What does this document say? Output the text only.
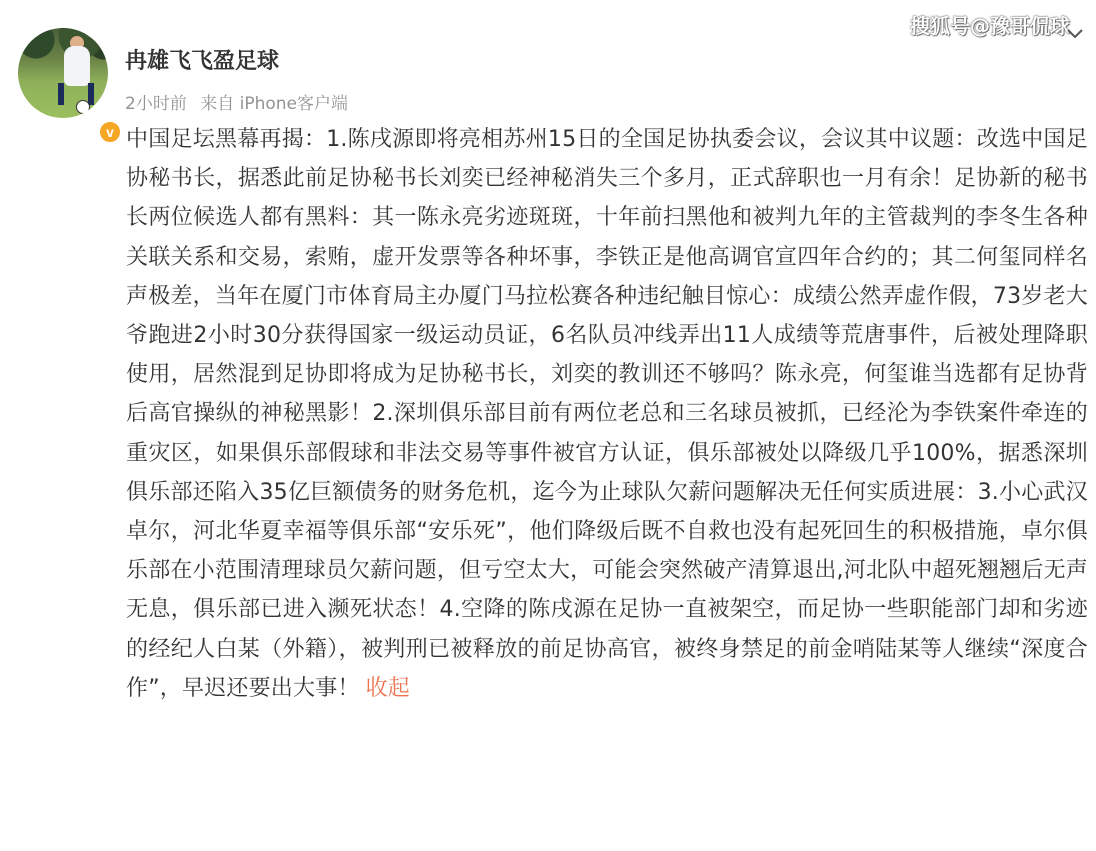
v
冉雄飞飞盈足球
2小时前 来自 iPhone客户端
搜狐号@豫哥侃球
中国足坛黑幕再揭：1.陈戌源即将亮相苏州15日的全国足协执委会议，会议其中议题：改选中国足协秘书长，据悉此前足协秘书长刘奕已经神秘消失三个多月，正式辞职也一月有余！足协新的秘书长两位候选人都有黑料：其一陈永亮劣迹斑斑，十年前扫黑他和被判九年的主管裁判的李冬生各种关联关系和交易，索贿，虚开发票等各种坏事，李铁正是他高调官宣四年合约的；其二何玺同样名声极差，当年在厦门市体育局主办厦门马拉松赛各种违纪触目惊心：成绩公然弄虚作假，73岁老大爷跑进2小时30分获得国家一级运动员证，6名队员冲线弄出11人成绩等荒唐事件，后被处理降职使用，居然混到足协即将成为足协秘书长，刘奕的教训还不够吗？陈永亮，何玺谁当选都有足协背后高官操纵的神秘黑影！2.深圳俱乐部目前有两位老总和三名球员被抓，已经沦为李铁案件牵连的重灾区，如果俱乐部假球和非法交易等事件被官方认证，俱乐部被处以降级几乎100%，据悉深圳俱乐部还陷入35亿巨额债务的财务危机，迄今为止球队欠薪问题解决无任何实质进展：3.小心武汉卓尔，河北华夏幸福等俱乐部“安乐死”，他们降级后既不自救也没有起死回生的积极措施，卓尔俱乐部在小范围清理球员欠薪问题，但亏空太大，可能会突然破产清算退出,河北队中超死翘翘后无声无息，俱乐部已进入濒死状态！4.空降的陈戌源在足协一直被架空，而足协一些职能部门却和劣迹的经纪人白某（外籍），被判刑已被释放的前足协高官，被终身禁足的前金哨陆某等人继续“深度合作”，早迟还要出大事！ 收起
